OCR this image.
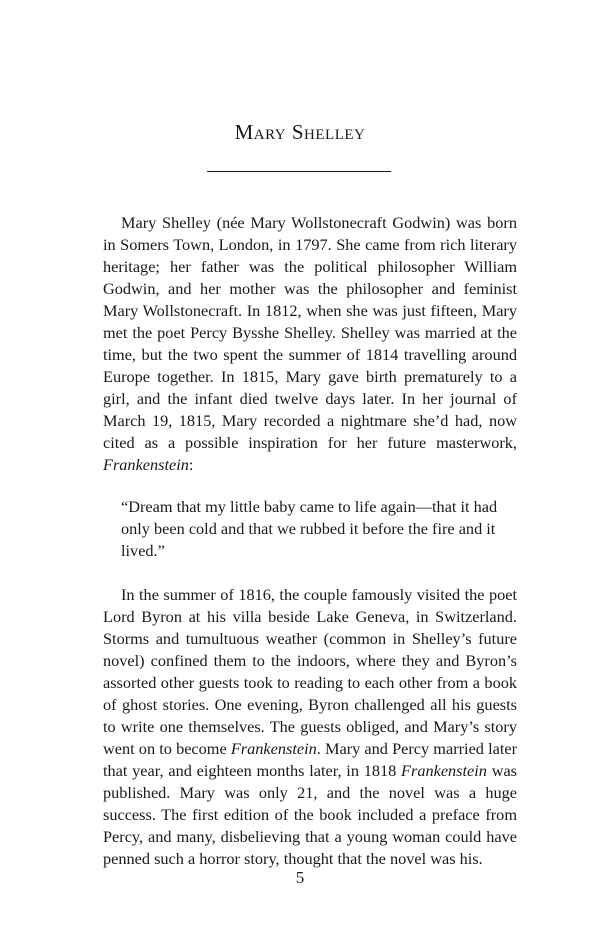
Mary Shelley

Mary Shelley (née Mary Wollstonecraft Godwin) was born in Somers Town, London, in 1797. She came from rich literary heritage; her father was the political philosopher William Godwin, and her mother was the philosopher and feminist Mary Wollstonecraft. In 1812, when she was just fifteen, Mary met the poet Percy Bysshe Shelley. Shelley was married at the time, but the two spent the summer of 1814 travelling around Europe together. In 1815, Mary gave birth prematurely to a girl, and the infant died twelve days later. In her journal of March 19, 1815, Mary recorded a nightmare she’d had, now cited as a possible inspiration for her future masterwork, Frankenstein:

“Dream that my little baby came to life again—that it had only been cold and that we rubbed it before the fire and it lived.”

In the summer of 1816, the couple famously visited the poet Lord Byron at his villa beside Lake Geneva, in Switzerland. Storms and tumultuous weather (common in Shelley’s future novel) confined them to the indoors, where they and Byron’s assorted other guests took to reading to each other from a book of ghost stories. One evening, Byron challenged all his guests to write one themselves. The guests obliged, and Mary’s story went on to become Frankenstein. Mary and Percy married later that year, and eighteen months later, in 1818 Frankenstein was published. Mary was only 21, and the novel was a huge success. The first edition of the book included a preface from Percy, and many, disbelieving that a young woman could have penned such a horror story, thought that the novel was his.

5
